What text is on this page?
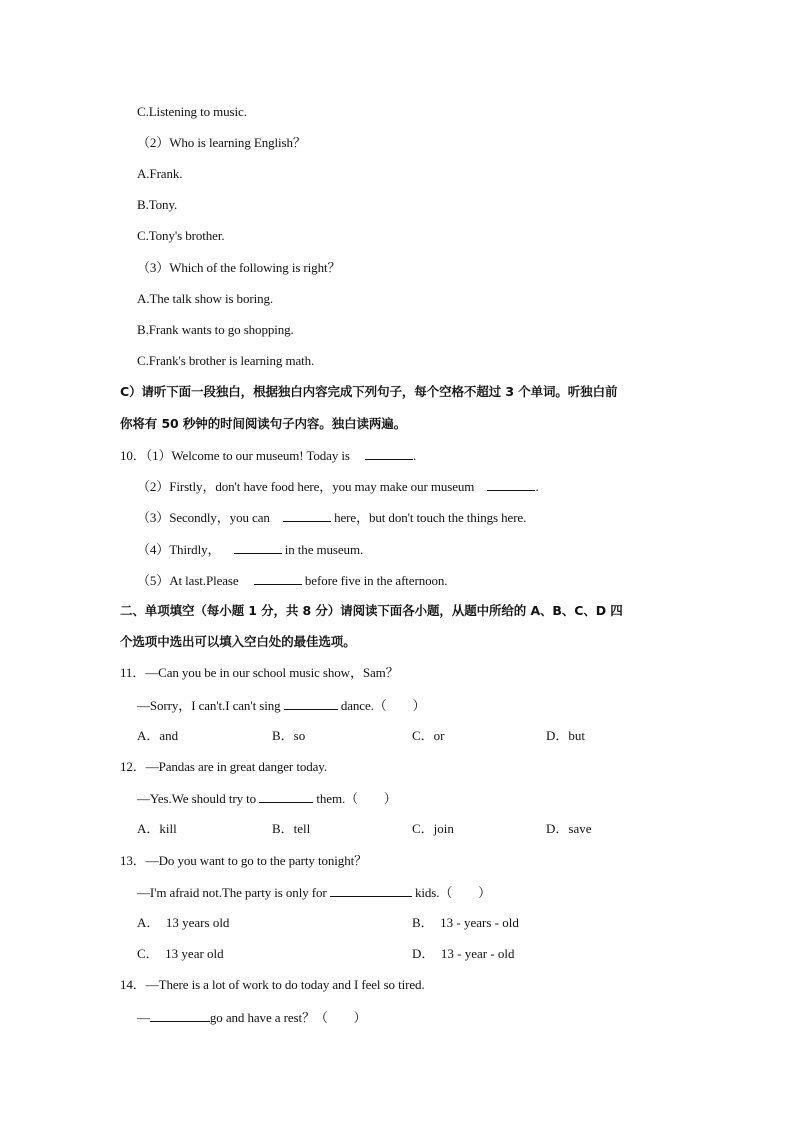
C.Listening to music.
（2）Who is learning English？
A.Frank.
B.Tony.
C.Tony's brother.
（3）Which of the following is right？
A.The talk show is boring.
B.Frank wants to go shopping.
C.Frank's brother is learning math.
C）请听下面一段独白，根据独白内容完成下列句子，每个空格不超过 3 个单词。听独白前
你将有 50 秒钟的时间阅读句子内容。独白读两遍。
10．（1）Welcome to our museum! Today is	.
（2）Firstly，don't have food here，you may make our museum	.
（3）Secondly，you can	here，but don't touch the things here.
（4）Thirdly，	in the museum.
（5）At last.Please	before five in the afternoon.
二、单项填空（每小题 1 分，共 8 分）请阅读下面各小题，从题中所给的 A、B、C、D 四
个选项中选出可以填入空白处的最佳选项。
11．—Can you be in our school music show，Sam？
—Sorry，I can't.I can't sing	dance.（　　）
A．and	B．so	C．or	D．but
12．—Pandas are in great danger today.
—Yes.We should try to	them.（　　）
A．kill	B．tell	C．join	D．save
13．—Do you want to go to the party tonight？
—I'm afraid not.The party is only for	kids.（　　）
A．　13 years old	B．　13 - years - old
C．　13 year old	D．　13 - year - old
14．—There is a lot of work to do today and I feel so tired.
—	go and have a rest？（　　）
